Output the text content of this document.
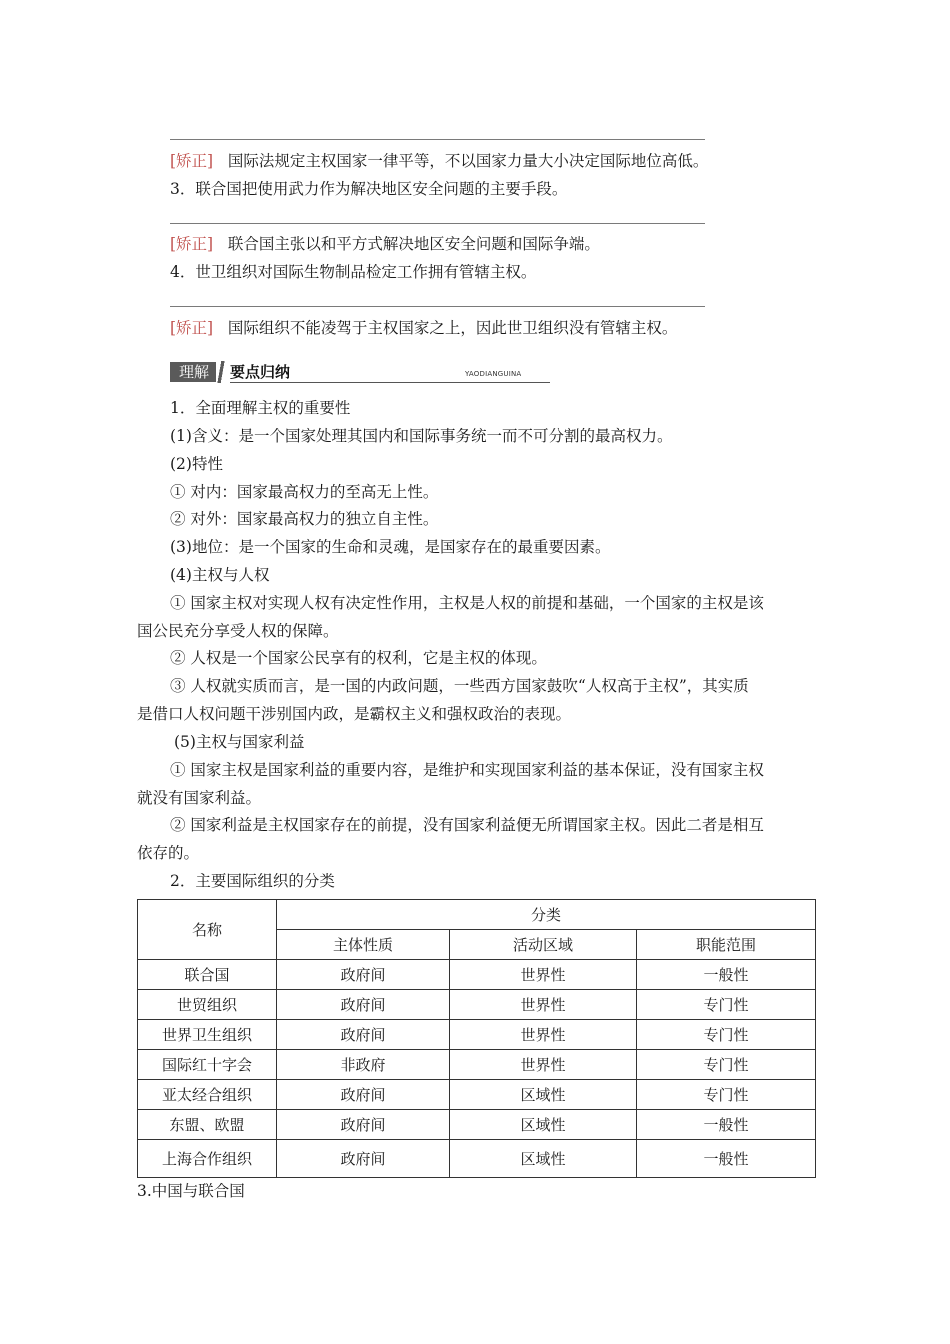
[矫正] 国际法规定主权国家一律平等，不以国家力量大小决定国际地位高低。
3．联合国把使用武力作为解决地区安全问题的主要手段。
[矫正] 联合国主张以和平方式解决地区安全问题和国际争端。
4．世卫组织对国际生物制品检定工作拥有管辖主权。
[矫正] 国际组织不能凌驾于主权国家之上，因此世卫组织没有管辖主权。
理解	要点归纳	YAODIANGUINA
1．全面理解主权的重要性
(1)含义：是一个国家处理其国内和国际事务统一而不可分割的最高权力。
(2)特性
① 对内：国家最高权力的至高无上性。
② 对外：国家最高权力的独立自主性。
(3)地位：是一个国家的生命和灵魂，是国家存在的最重要因素。
(4)主权与人权
① 国家主权对实现人权有决定性作用，主权是人权的前提和基础，一个国家的主权是该
国公民充分享受人权的保障。
② 人权是一个国家公民享有的权利，它是主权的体现。
③ 人权就实质而言，是一国的内政问题，一些西方国家鼓吹“人权高于主权”，其实质
是借口人权问题干涉别国内政，是霸权主义和强权政治的表现。
(5)主权与国家利益
① 国家主权是国家利益的重要内容，是维护和实现国家利益的基本保证，没有国家主权
就没有国家利益。
② 国家利益是主权国家存在的前提，没有国家利益便无所谓国家主权。因此二者是相互
依存的。
2．主要国际组织的分类
名称	分类		
	主体性质	活动区域	职能范围
联合国	政府间	世界性	一般性
世贸组织	政府间	世界性	专门性
世界卫生组织	政府间	世界性	专门性
国际红十字会	非政府	世界性	专门性
亚太经合组织	政府间	区域性	专门性
东盟、欧盟	政府间	区域性	一般性
上海合作组织	政府间	区域性	一般性
3.中国与联合国
